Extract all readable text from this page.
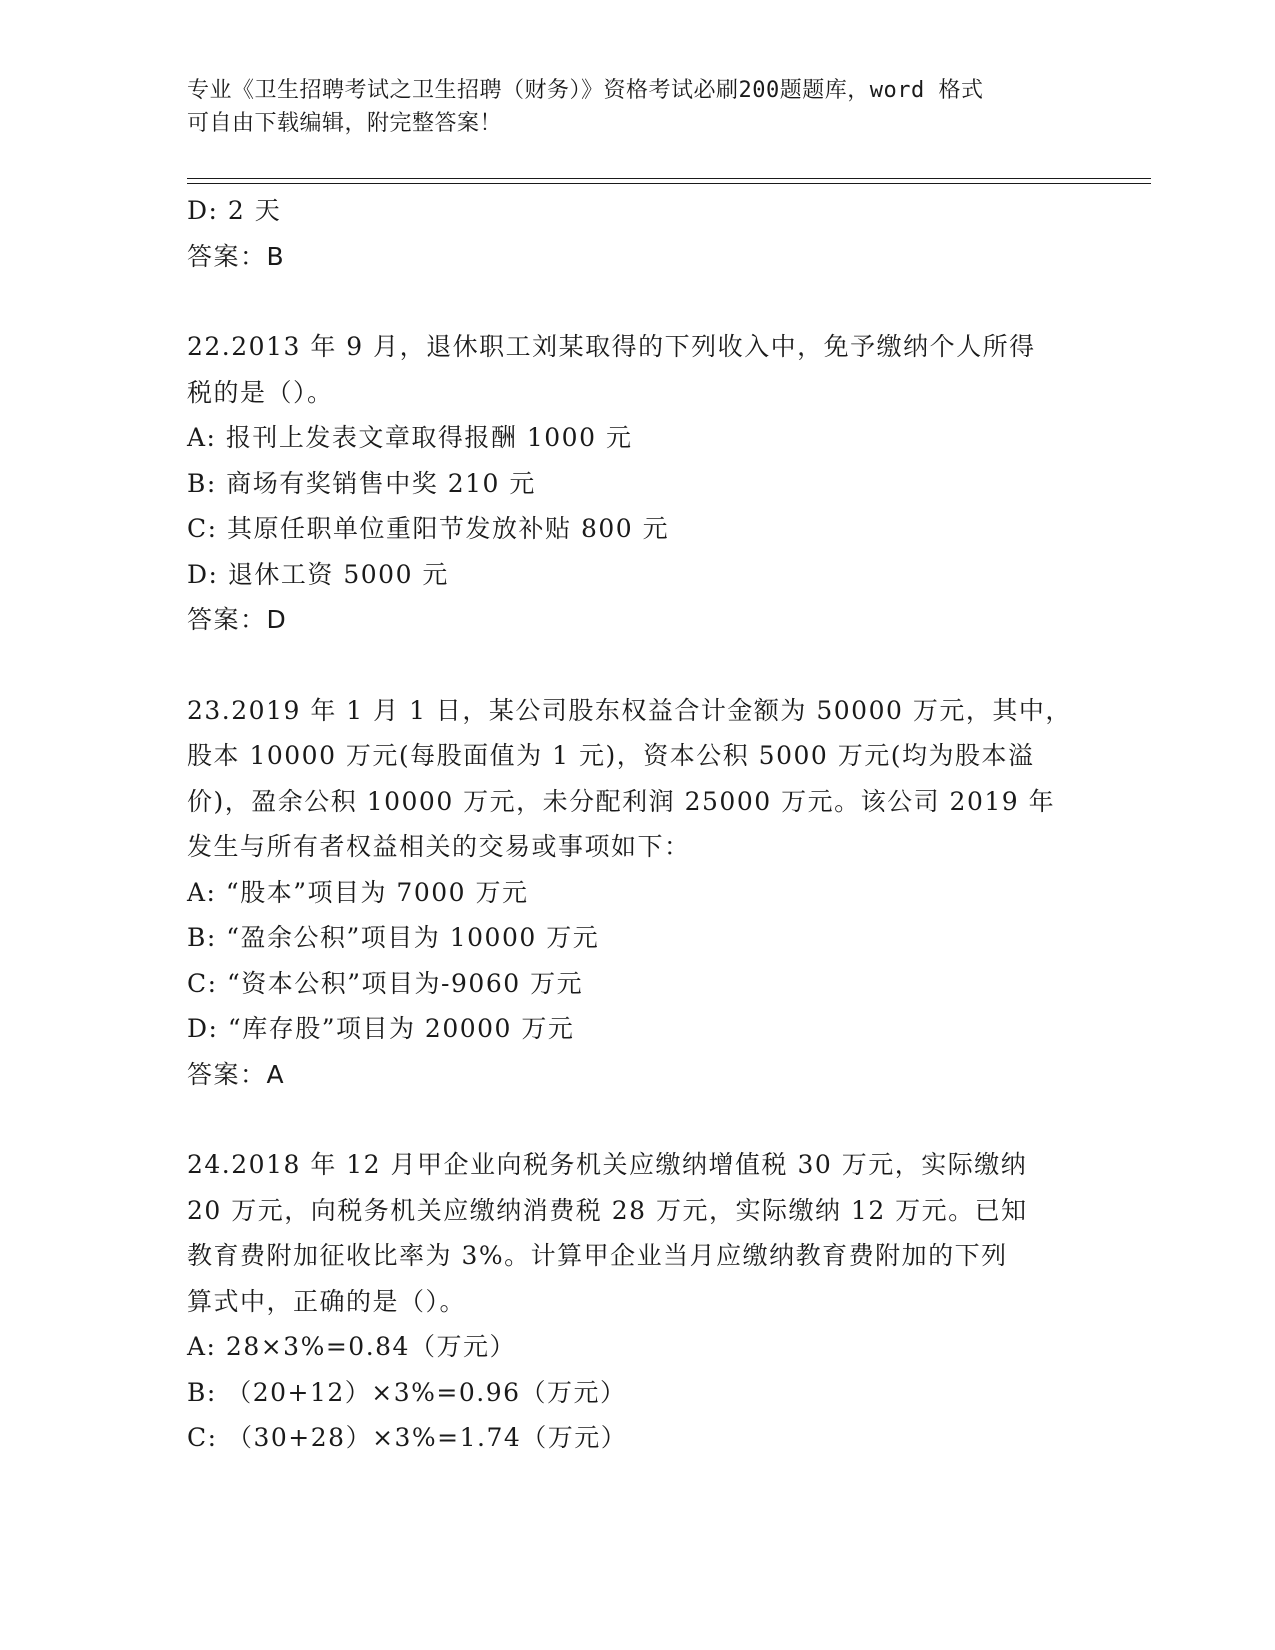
专业《卫生招聘考试之卫生招聘（财务）》资格考试必刷200题题库，word 格式
可自由下载编辑，附完整答案！
D: 2 天
答案：B
22.2013 年 9 月，退休职工刘某取得的下列收入中，免予缴纳个人所得
税的是（）。
A: 报刊上发表文章取得报酬 1000 元
B: 商场有奖销售中奖 210 元
C: 其原任职单位重阳节发放补贴 800 元
D: 退休工资 5000 元
答案：D
23.2019 年 1 月 1 日，某公司股东权益合计金额为 50000 万元，其中，
股本 10000 万元(每股面值为 1 元)，资本公积 5000 万元(均为股本溢
价)，盈余公积 10000 万元，未分配利润 25000 万元。该公司 2019 年
发生与所有者权益相关的交易或事项如下：
A: “股本”项目为 7000 万元
B: “盈余公积”项目为 10000 万元
C: “资本公积”项目为-9060 万元
D: “库存股”项目为 20000 万元
答案：A
24.2018 年 12 月甲企业向税务机关应缴纳增值税 30 万元，实际缴纳
20 万元，向税务机关应缴纳消费税 28 万元，实际缴纳 12 万元。已知
教育费附加征收比率为 3%。计算甲企业当月应缴纳教育费附加的下列
算式中，正确的是（）。
A: 28×3%=0.84（万元）
B: （20+12）×3%=0.96（万元）
C: （30+28）×3%=1.74（万元）
